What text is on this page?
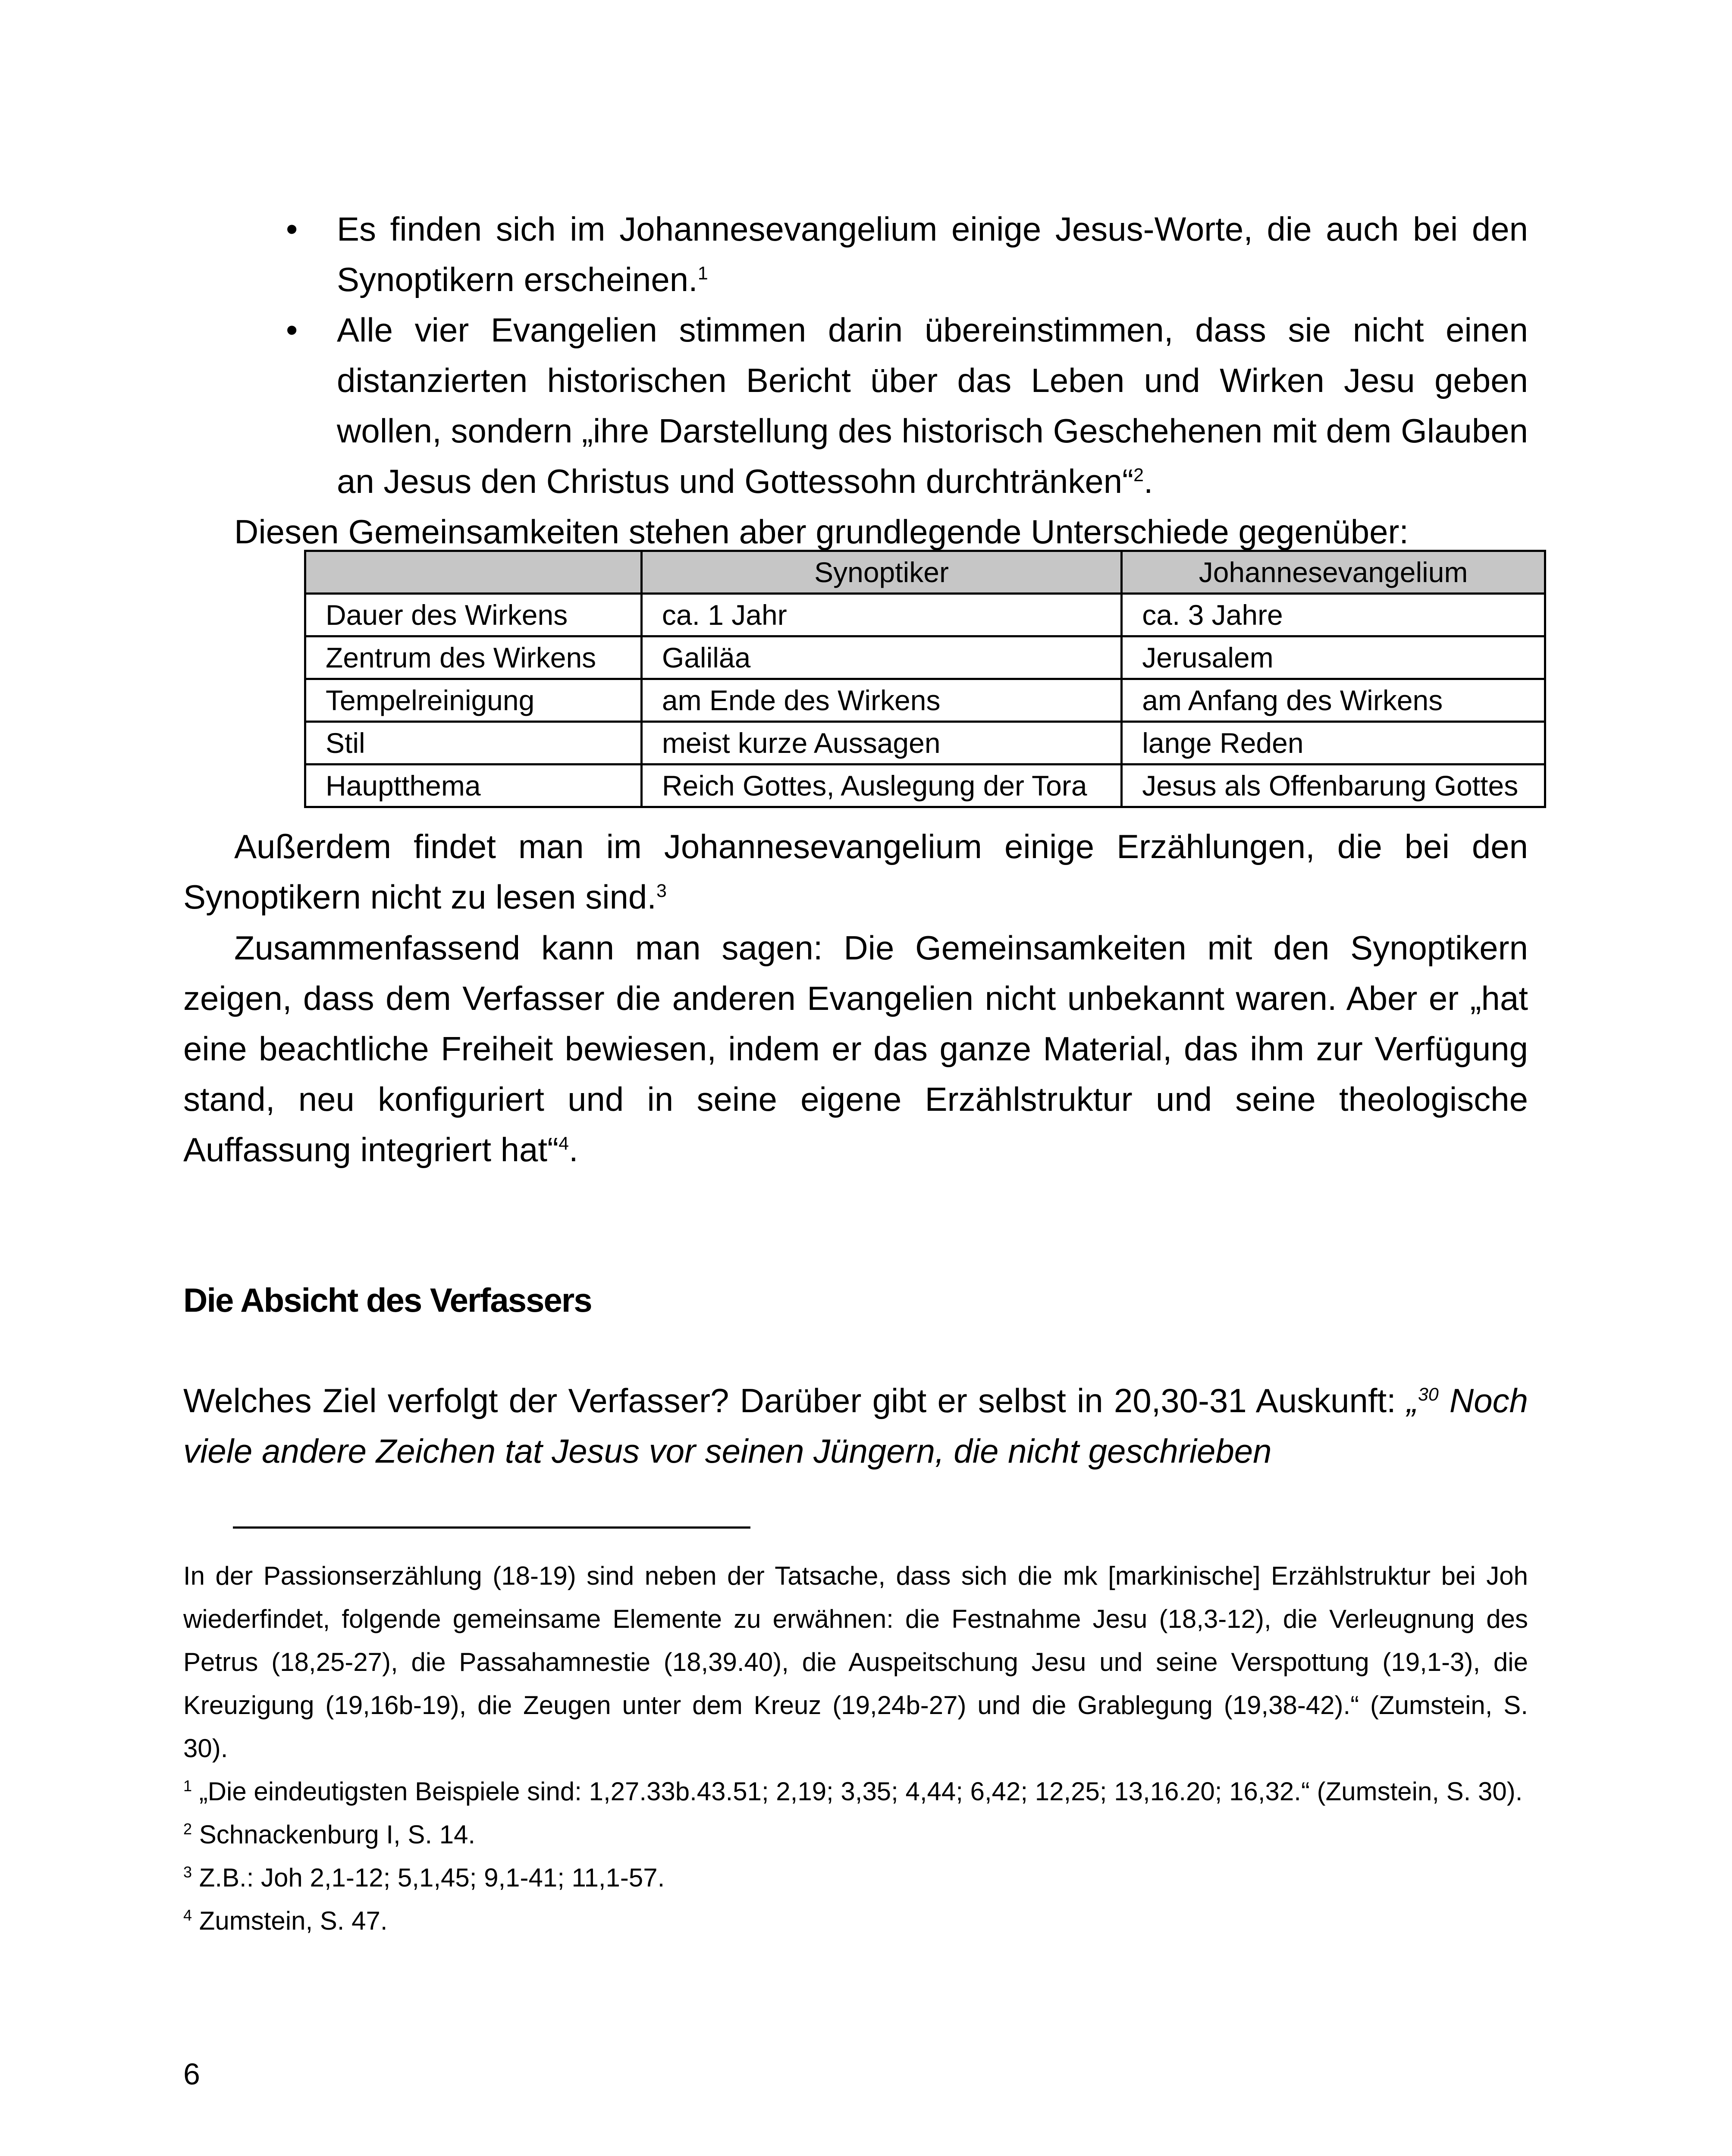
• Es finden sich im Johannesevangelium einige Jesus-Worte, die auch bei den Synoptikern erscheinen.$^1$
• Alle vier Evangelien stimmen darin übereinstimmen, dass sie nicht einen distanzierten historischen Bericht über das Leben und Wirken Jesu geben wollen, sondern „ihre Darstellung des historisch Geschehenen mit dem Glauben an Jesus den Christus und Gottessohn durchtränken“$^2$.

Diesen Gemeinsamkeiten stehen aber grundlegende Unterschiede gegenüber:

	Synoptiker	Johannesevangelium
Dauer des Wirkens	ca. 1 Jahr	ca. 3 Jahre
Zentrum des Wirkens	Galiläa	Jerusalem
Tempelreinigung	am Ende des Wirkens	am Anfang des Wirkens
Stil	meist kurze Aussagen	lange Reden
Hauptthema	Reich Gottes, Auslegung der Tora	Jesus als Offenbarung Gottes

Außerdem findet man im Johannesevangelium einige Erzählungen, die bei den Synoptikern nicht zu lesen sind.$^3$

Zusammenfassend kann man sagen: Die Gemeinsamkeiten mit den Synoptikern zeigen, dass dem Verfasser die anderen Evangelien nicht unbekannt waren. Aber er „hat eine beachtliche Freiheit bewiesen, indem er das ganze Material, das ihm zur Verfügung stand, neu konfiguriert und in seine eigene Erzählstruktur und seine theologische Auffassung integriert hat“$^4$.

Die Absicht des Verfassers

Welches Ziel verfolgt der Verfasser? Darüber gibt er selbst in 20,30-31 Auskunft: „$^{30}$ Noch viele andere Zeichen tat Jesus vor seinen Jüngern, die nicht geschrieben

In der Passionserzählung (18-19) sind neben der Tatsache, dass sich die mk [markinische] Erzählstruktur bei Joh wiederfindet, folgende gemeinsame Elemente zu erwähnen: die Festnahme Jesu (18,3-12), die Verleugnung des Petrus (18,25-27), die Passahamnestie (18,39.40), die Auspeitschung Jesu und seine Verspottung (19,1-3), die Kreuzigung (19,16b-19), die Zeugen unter dem Kreuz (19,24b-27) und die Grablegung (19,38-42).“ (Zumstein, S. 30).
$^1$ „Die eindeutigsten Beispiele sind: 1,27.33b.43.51; 2,19; 3,35; 4,44; 6,42; 12,25; 13,16.20; 16,32.“ (Zumstein, S. 30).
$^2$ Schnackenburg I, S. 14.
$^3$ Z.B.: Joh 2,1-12; 5,1,45; 9,1-41; 11,1-57.
$^4$ Zumstein, S. 47.

6
